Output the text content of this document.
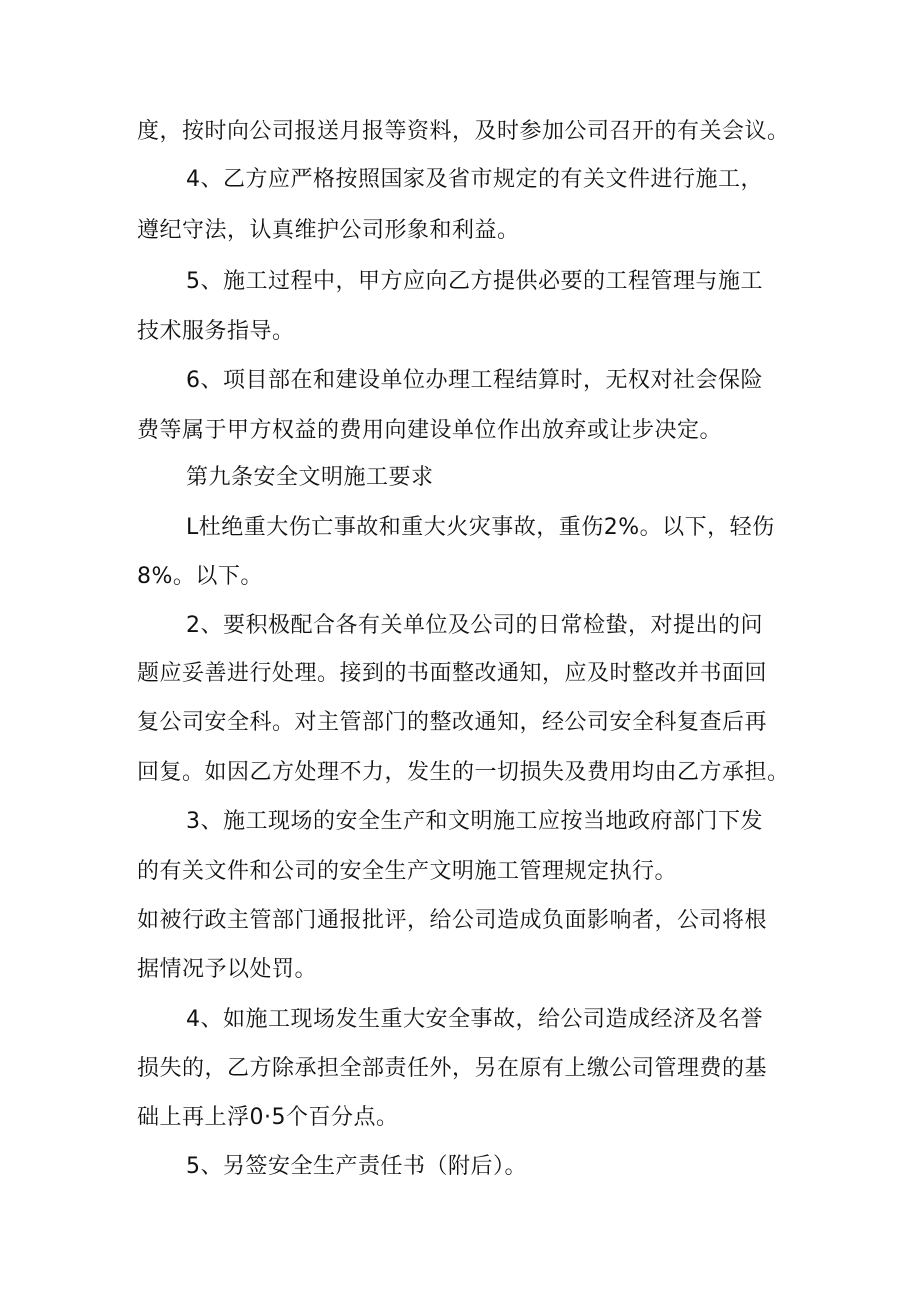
度，按时向公司报送月报等资料，及时参加公司召开的有关会议。
4、乙方应严格按照国家及省市规定的有关文件进行施工，
遵纪守法，认真维护公司形象和利益。
5、施工过程中，甲方应向乙方提供必要的工程管理与施工
技术服务指导。
6、项目部在和建设单位办理工程结算时，无权对社会保险
费等属于甲方权益的费用向建设单位作出放弃或让步决定。
第九条安全文明施工要求
L杜绝重大伤亡事故和重大火灾事故，重伤2%。以下，轻伤
8%。以下。
2、要积极配合各有关单位及公司的日常检蛰，对提出的问
题应妥善进行处理。接到的书面整改通知，应及时整改并书面回
复公司安全科。对主管部门的整改通知，经公司安全科复查后再
回复。如因乙方处理不力，发生的一切损失及费用均由乙方承担。
3、施工现场的安全生产和文明施工应按当地政府部门下发
的有关文件和公司的安全生产文明施工管理规定执行。
如被行政主管部门通报批评，给公司造成负面影响者，公司将根
据情况予以处罚。
4、如施工现场发生重大安全事故，给公司造成经济及名誉
损失的，乙方除承担全部责任外，另在原有上缴公司管理费的基
础上再上浮0·5个百分点。
5、另签安全生产责任书（附后）。
